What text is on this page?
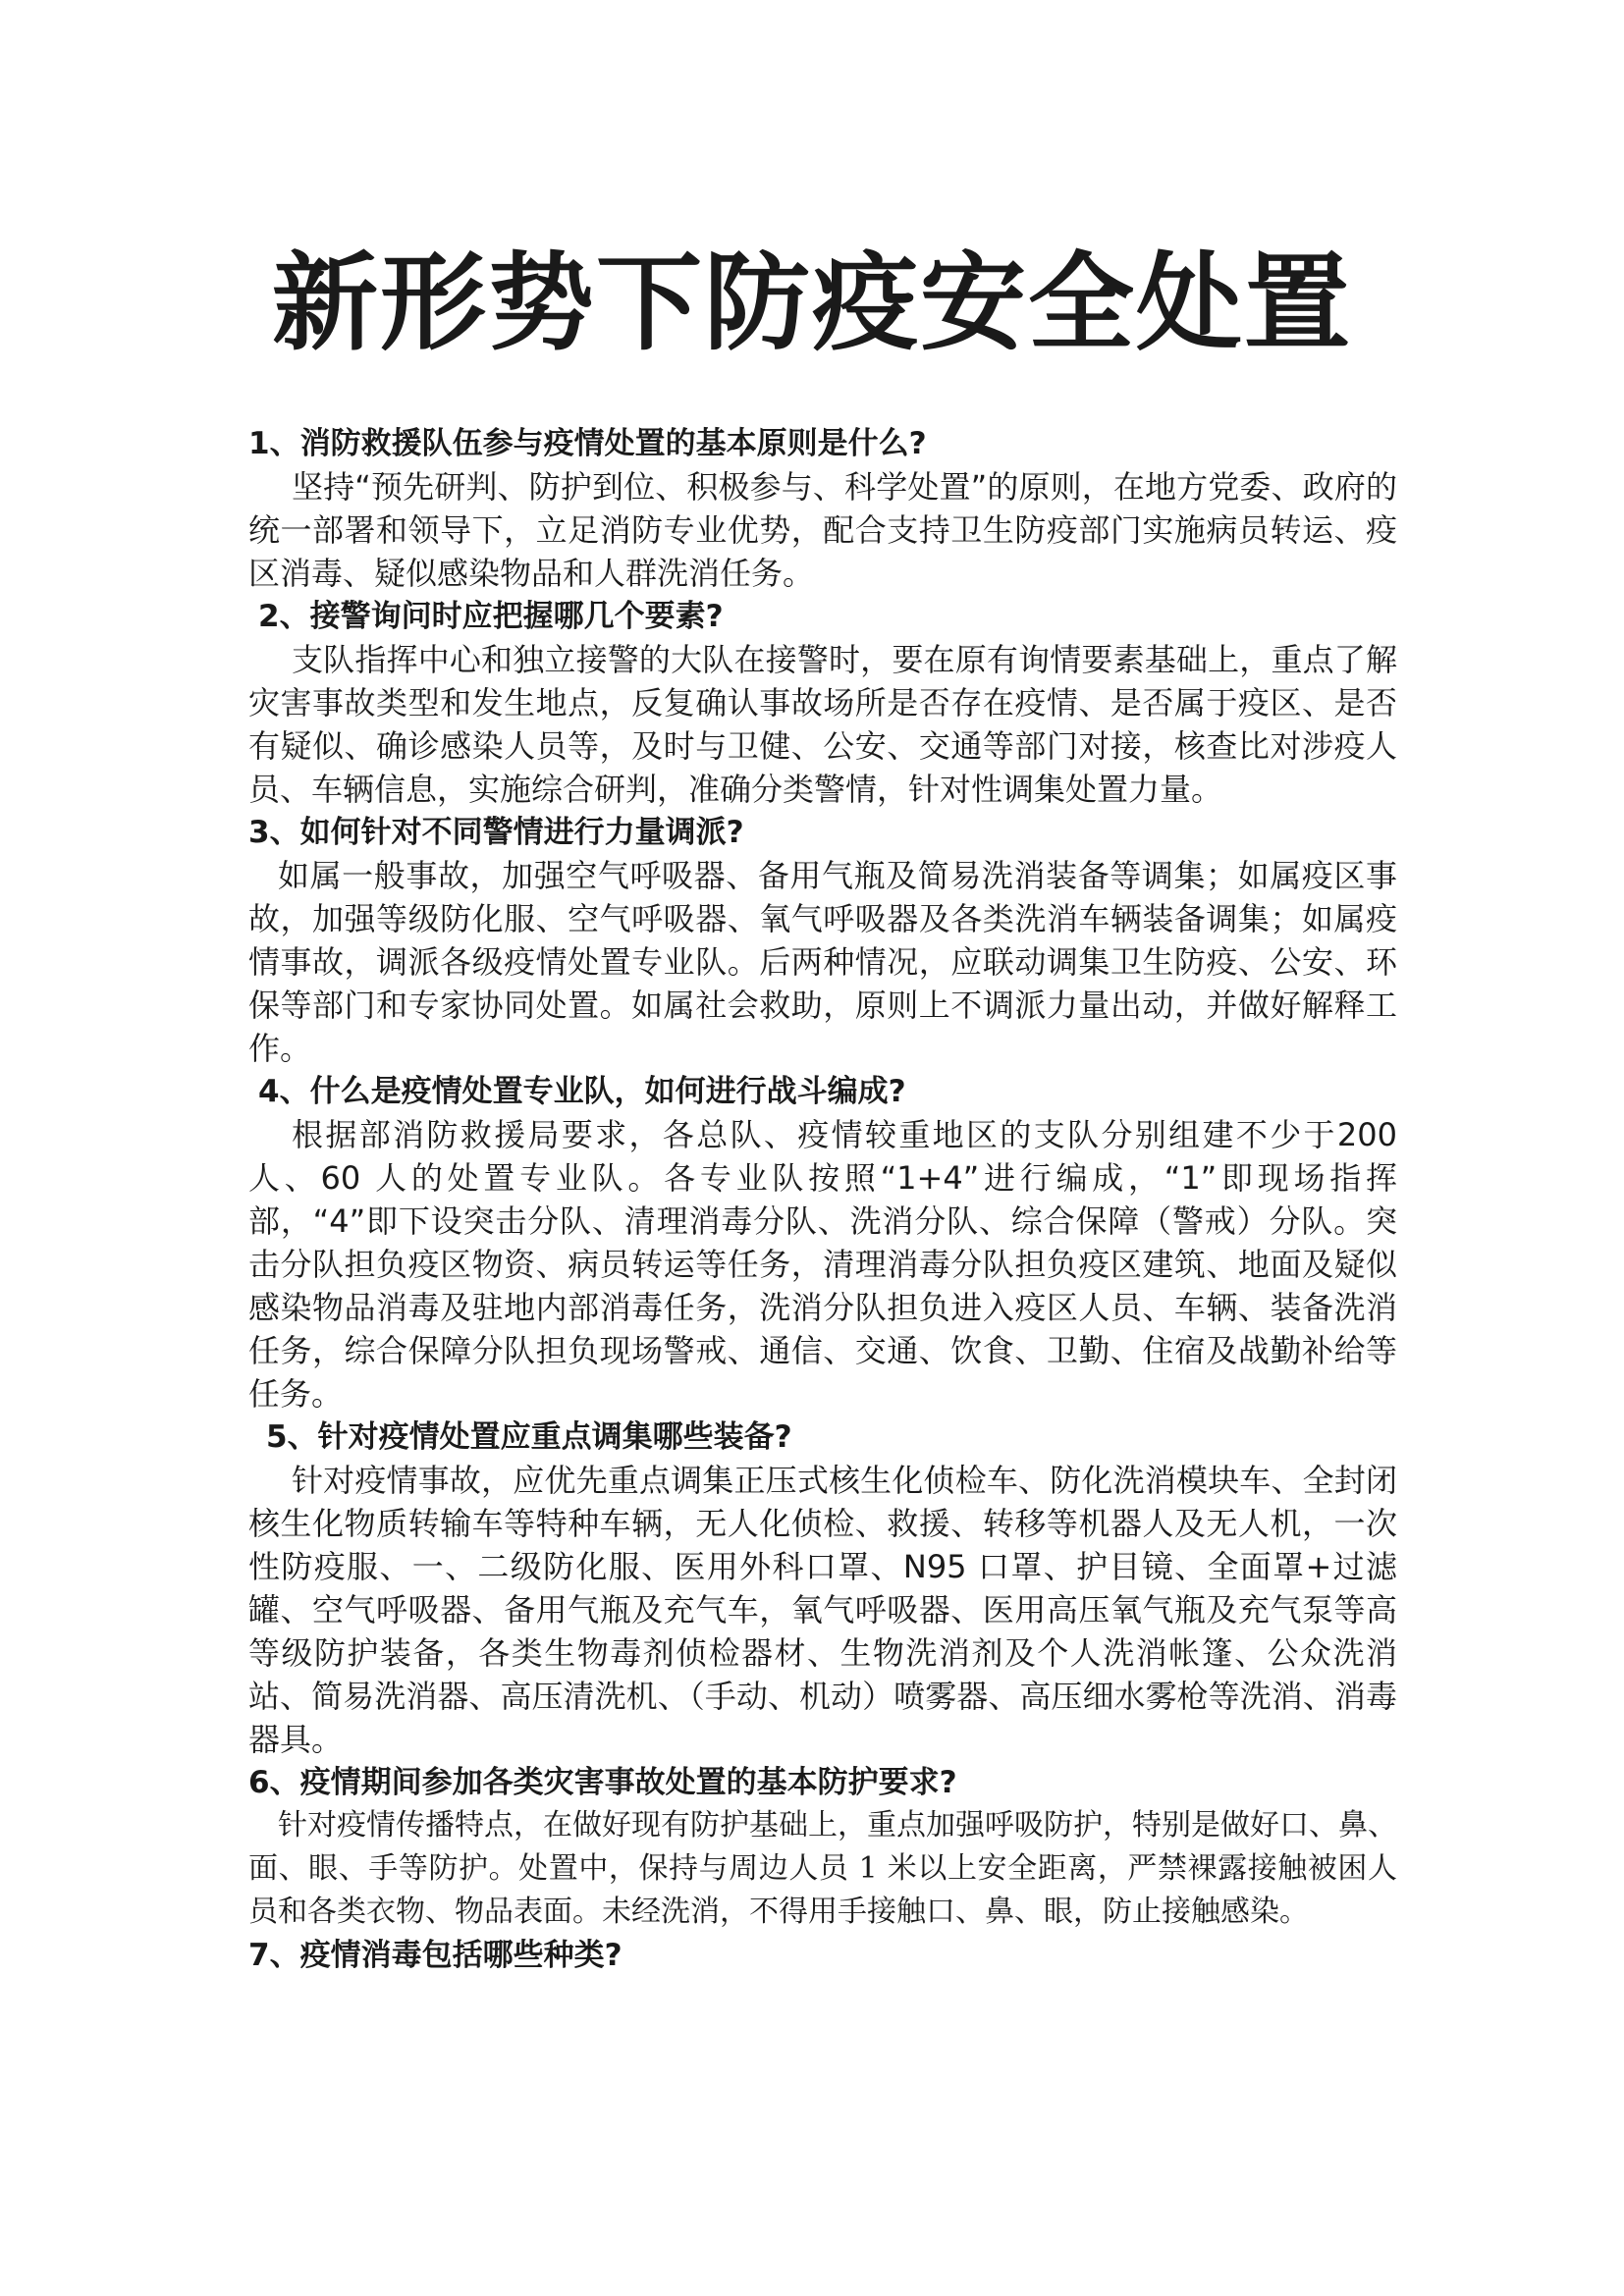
新形势下防疫安全处置

1、消防救援队伍参与疫情处置的基本原则是什么?

坚持“预先研判、防护到位、积极参与、科学处置”的原则，在地方党委、政府的统一部署和领导下，立足消防专业优势，配合支持卫生防疫部门实施病员转运、疫区消毒、疑似感染物品和人群洗消任务。

2、接警询问时应把握哪几个要素?

支队指挥中心和独立接警的大队在接警时，要在原有询情要素基础上，重点了解灾害事故类型和发生地点，反复确认事故场所是否存在疫情、是否属于疫区、是否有疑似、确诊感染人员等，及时与卫健、公安、交通等部门对接，核查比对涉疫人员、车辆信息，实施综合研判，准确分类警情，针对性调集处置力量。

3、如何针对不同警情进行力量调派?

如属一般事故，加强空气呼吸器、备用气瓶及简易洗消装备等调集；如属疫区事故，加强等级防化服、空气呼吸器、氧气呼吸器及各类洗消车辆装备调集；如属疫情事故，调派各级疫情处置专业队。后两种情况，应联动调集卫生防疫、公安、环保等部门和专家协同处置。如属社会救助，原则上不调派力量出动，并做好解释工作。

4、什么是疫情处置专业队，如何进行战斗编成?

根据部消防救援局要求，各总队、疫情较重地区的支队分别组建不少于200 人、60 人的处置专业队。各专业队按照“1+4”进行编成，“1”即现场指挥部，“4”即下设突击分队、清理消毒分队、洗消分队、综合保障（警戒）分队。突击分队担负疫区物资、病员转运等任务，清理消毒分队担负疫区建筑、地面及疑似感染物品消毒及驻地内部消毒任务，洗消分队担负进入疫区人员、车辆、装备洗消任务，综合保障分队担负现场警戒、通信、交通、饮食、卫勤、住宿及战勤补给等任务。

5、针对疫情处置应重点调集哪些装备?

针对疫情事故，应优先重点调集正压式核生化侦检车、防化洗消模块车、全封闭核生化物质转输车等特种车辆，无人化侦检、救援、转移等机器人及无人机，一次性防疫服、一、二级防化服、医用外科口罩、N95 口罩、护目镜、全面罩+过滤罐、空气呼吸器、备用气瓶及充气车，氧气呼吸器、医用高压氧气瓶及充气泵等高等级防护装备，各类生物毒剂侦检器材、生物洗消剂及个人洗消帐篷、公众洗消站、简易洗消器、高压清洗机、（手动、机动）喷雾器、高压细水雾枪等洗消、消毒器具。

6、疫情期间参加各类灾害事故处置的基本防护要求?

针对疫情传播特点，在做好现有防护基础上，重点加强呼吸防护，特别是做好口、鼻、面、眼、手等防护。处置中，保持与周边人员 1 米以上安全距离，严禁裸露接触被困人员和各类衣物、物品表面。未经洗消，不得用手接触口、鼻、眼，防止接触感染。

7、疫情消毒包括哪些种类?
